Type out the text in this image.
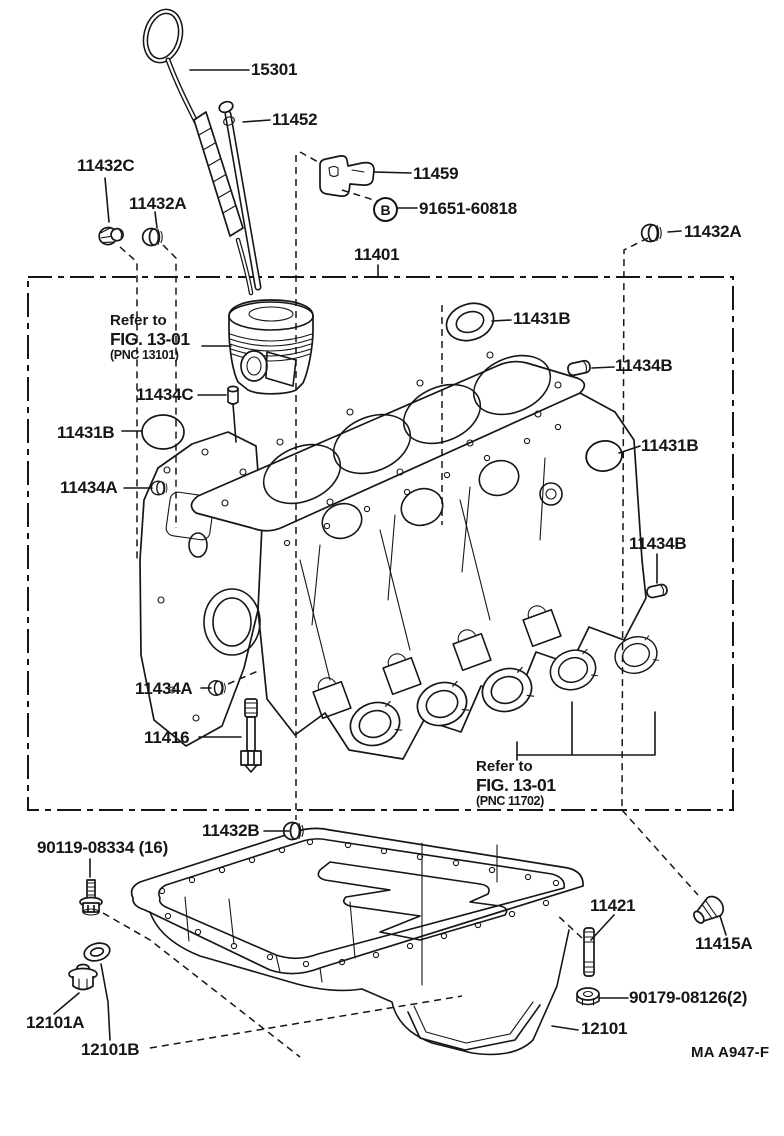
15301
11452
11432C
11432A
11459
B	91651-60818
11432A
11401
Refer to
FIG. 13-01
(PNC 13101)
11431B
11434B
11434C
11431B
11434A
11431B
11434B
11434A
11416
Refer to
FIG. 13-01
(PNC 11702)
11432B
90119-08334 (16)
11421
11415A
90179-08126(2)
12101A
12101B
12101
MA A947-F
